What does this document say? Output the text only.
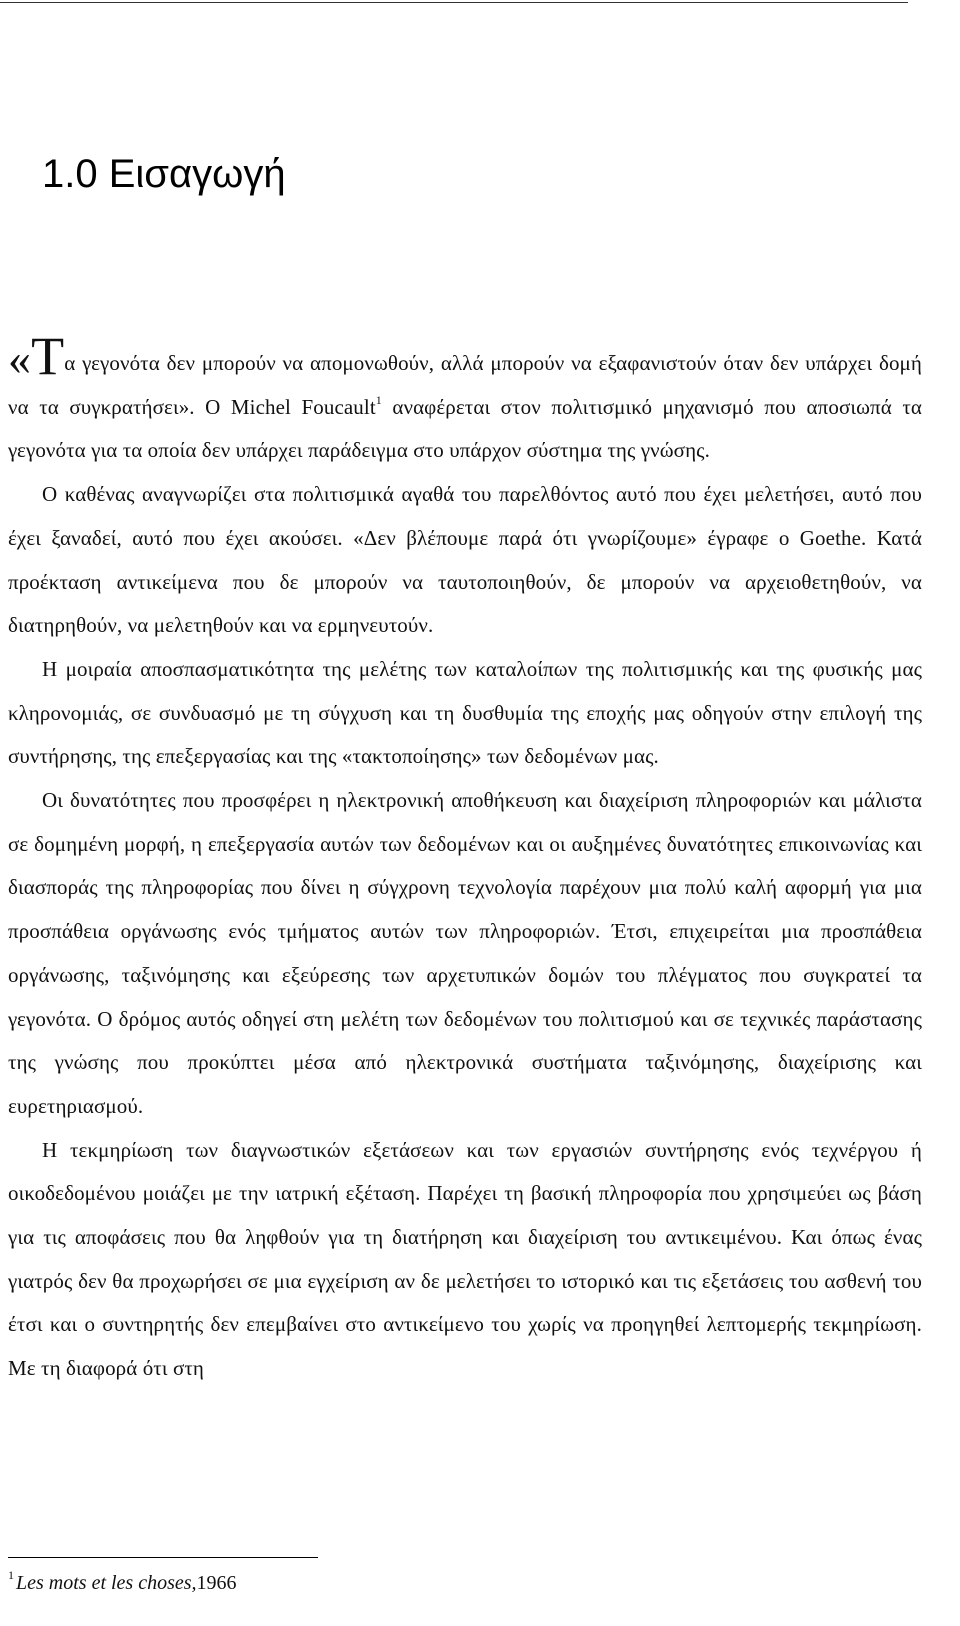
1.0 Εισαγωγή

«Τα γεγονότα δεν μπορούν να απομονωθούν, αλλά μπορούν να εξαφανιστούν όταν δεν υπάρχει δομή να τα συγκρατήσει». Ο Michel Foucault$^1$ αναφέρεται στον πολιτισμικό μηχανισμό που αποσιωπά τα γεγονότα για τα οποία δεν υπάρχει παράδειγμα στο υπάρχον σύστημα της γνώσης.

Ο καθένας αναγνωρίζει στα πολιτισμικά αγαθά του παρελθόντος αυτό που έχει μελετήσει, αυτό που έχει ξαναδεί, αυτό που έχει ακούσει. «Δεν βλέπουμε παρά ότι γνωρίζουμε» έγραφε ο Goethe. Κατά προέκταση αντικείμενα που δε μπορούν να ταυτοποιηθούν, δε μπορούν να αρχειοθετηθούν, να διατηρηθούν, να μελετηθούν και να ερμηνευτούν.

Η μοιραία αποσπασματικότητα της μελέτης των καταλοίπων της πολιτισμικής και της φυσικής μας κληρονομιάς, σε συνδυασμό με τη σύγχυση και τη δυσθυμία της εποχής μας οδηγούν στην επιλογή της συντήρησης, της επεξεργασίας και της «τακτοποίησης» των δεδομένων μας.

Οι δυνατότητες που προσφέρει η ηλεκτρονική αποθήκευση και διαχείριση πληροφοριών και μάλιστα σε δομημένη μορφή, η επεξεργασία αυτών των δεδομένων και οι αυξημένες δυνατότητες επικοινωνίας και διασποράς της πληροφορίας που δίνει η σύγχρονη τεχνολογία παρέχουν μια πολύ καλή αφορμή για μια προσπάθεια οργάνωσης ενός τμήματος αυτών των πληροφοριών. Έτσι, επιχειρείται μια προσπάθεια οργάνωσης, ταξινόμησης και εξεύρεσης των αρχετυπικών δομών του πλέγματος που συγκρατεί τα γεγονότα. Ο δρόμος αυτός οδηγεί στη μελέτη των δεδομένων του πολιτισμού και σε τεχνικές παράστασης της γνώσης που προκύπτει μέσα από ηλεκτρονικά συστήματα ταξινόμησης, διαχείρισης και ευρετηριασμού.

Η τεκμηρίωση των διαγνωστικών εξετάσεων και των εργασιών συντήρησης ενός τεχνέργου ή οικοδεδομένου μοιάζει με την ιατρική εξέταση. Παρέχει τη βασική πληροφορία που χρησιμεύει ως βάση για τις αποφάσεις που θα ληφθούν για τη διατήρηση και διαχείριση του αντικειμένου. Και όπως ένας γιατρός δεν θα προχωρήσει σε μια εγχείριση αν δε μελετήσει το ιστορικό και τις εξετάσεις του ασθενή του έτσι και ο συντηρητής δεν επεμβαίνει στο αντικείμενο του χωρίς να προηγηθεί λεπτομερής τεκμηρίωση. Με τη διαφορά ότι στη

$^1$ Les mots et les choses,1966
